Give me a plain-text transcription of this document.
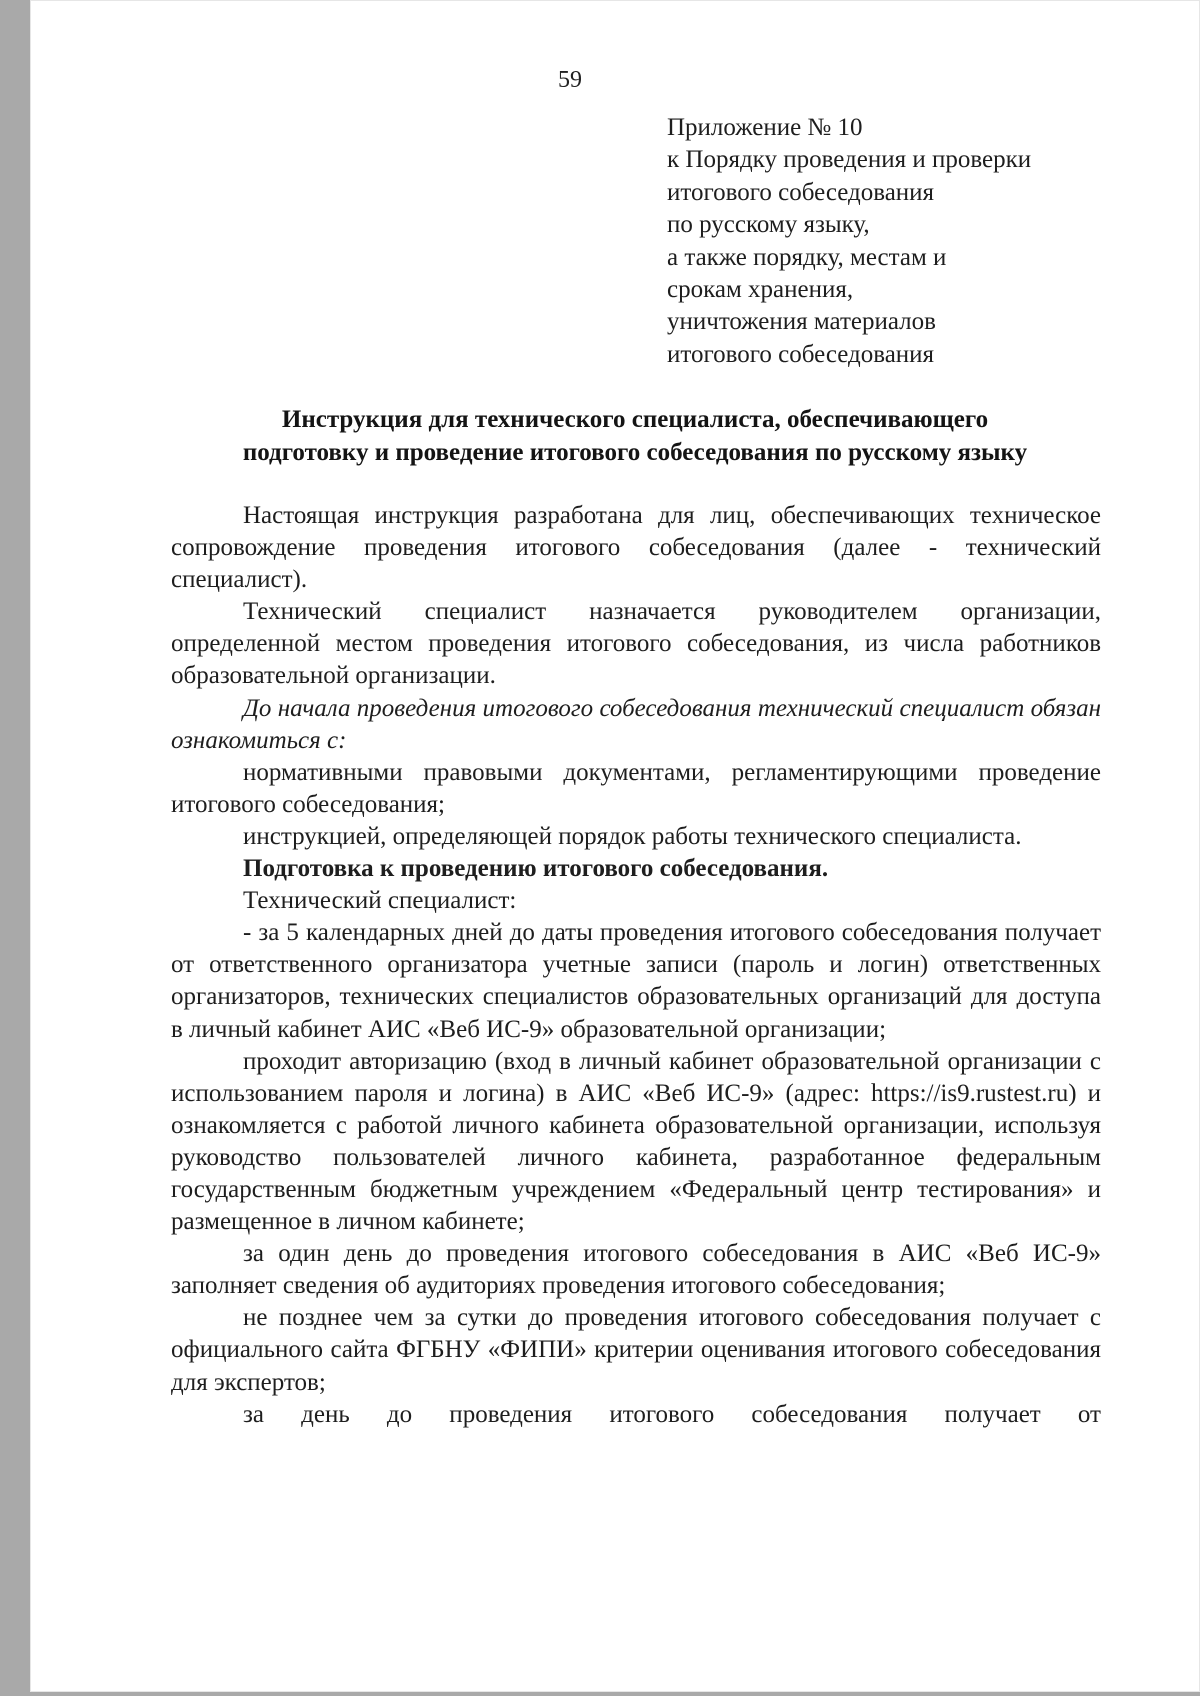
59
Приложение № 10
к Порядку проведения и проверки
итогового собеседования
по русскому языку,
а также порядку, местам и
срокам хранения,
уничтожения материалов
итогового собеседования
Инструкция для технического специалиста, обеспечивающего
подготовку и проведение итогового собеседования по русскому языку

Настоящая инструкция разработана для лиц, обеспечивающих техническое сопровождение проведения итогового собеседования (далее - технический специалист).

Технический специалист назначается руководителем организации, определенной местом проведения итогового собеседования, из числа работников образовательной организации.

До начала проведения итогового собеседования технический специалист обязан ознакомиться с:

нормативными правовыми документами, регламентирующими проведение итогового собеседования;

инструкцией, определяющей порядок работы технического специалиста.

Подготовка к проведению итогового собеседования.

Технический специалист:

- за 5 календарных дней до даты проведения итогового собеседования получает от ответственного организатора учетные записи (пароль и логин) ответственных организаторов, технических специалистов образовательных организаций для доступа в личный кабинет АИС «Веб ИС-9» образовательной организации;

проходит авторизацию (вход в личный кабинет образовательной организации с использованием пароля и логина) в АИС «Веб ИС-9» (адрес: https://is9.rustest.ru) и ознакомляется с работой личного кабинета образовательной организации, используя руководство пользователей личного кабинета, разработанное федеральным государственным бюджетным учреждением «Федеральный центр тестирования» и размещенное в личном кабинете;

за один день до проведения итогового собеседования в АИС «Веб ИС-9» заполняет сведения об аудиториях проведения итогового собеседования;

не позднее чем за сутки до проведения итогового собеседования получает с официального сайта ФГБНУ «ФИПИ» критерии оценивания итогового собеседования для экспертов;

за день до проведения итогового собеседования получает от
